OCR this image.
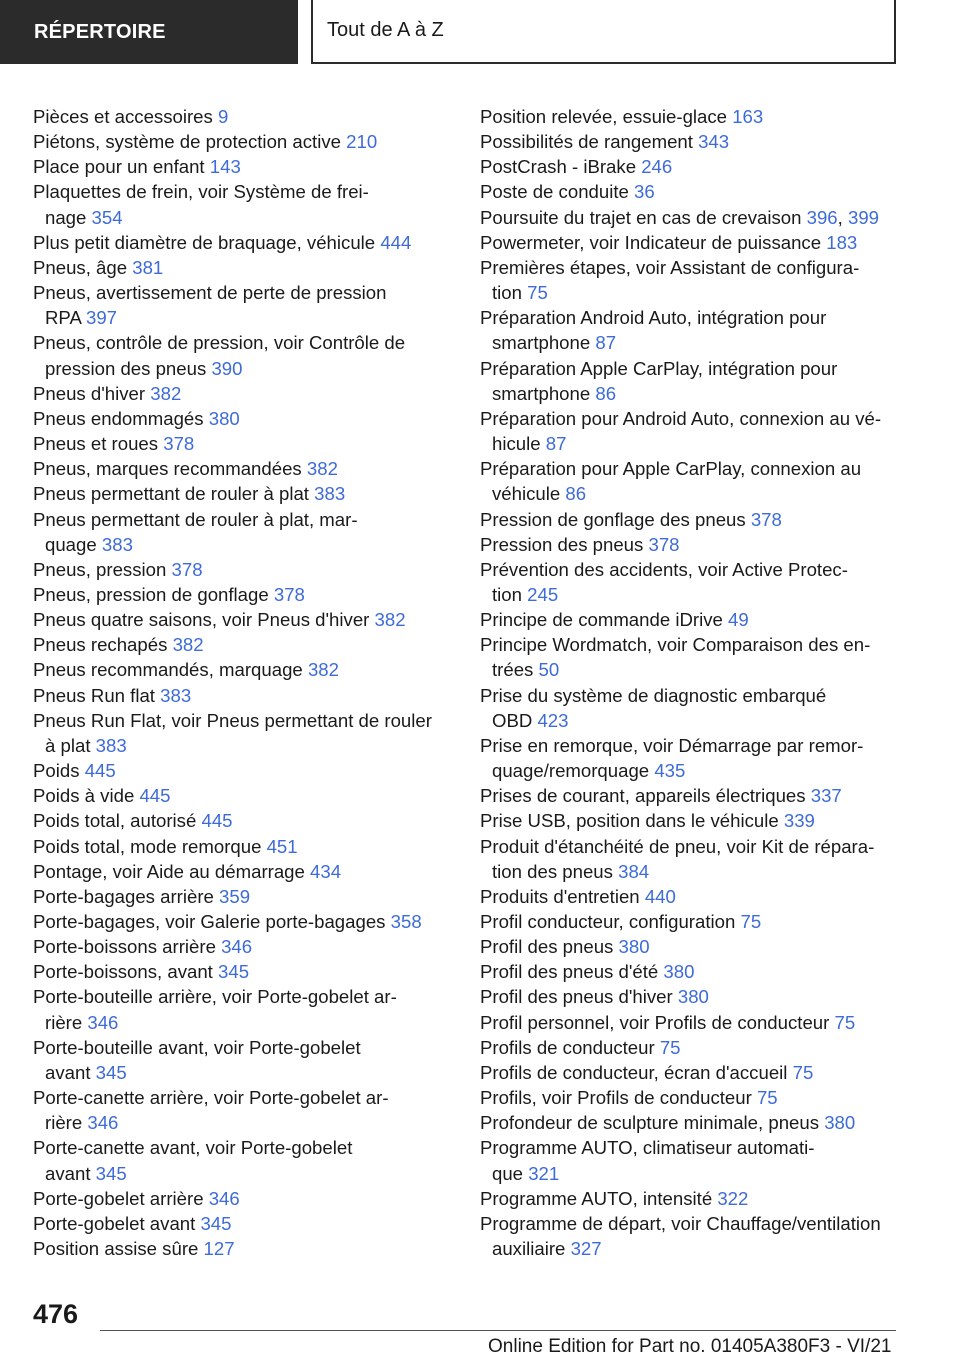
RÉPERTOIRE	Tout de A à Z
Pièces et accessoires 9
Piétons, système de protection active 210
Place pour un enfant 143
Plaquettes de frein, voir Système de frei-
nage 354
Plus petit diamètre de braquage, véhicule 444
Pneus, âge 381
Pneus, avertissement de perte de pression
RPA 397
Pneus, contrôle de pression, voir Contrôle de
pression des pneus 390
Pneus d'hiver 382
Pneus endommagés 380
Pneus et roues 378
Pneus, marques recommandées 382
Pneus permettant de rouler à plat 383
Pneus permettant de rouler à plat, mar-
quage 383
Pneus, pression 378
Pneus, pression de gonflage 378
Pneus quatre saisons, voir Pneus d'hiver 382
Pneus rechapés 382
Pneus recommandés, marquage 382
Pneus Run flat 383
Pneus Run Flat, voir Pneus permettant de rouler
à plat 383
Poids 445
Poids à vide 445
Poids total, autorisé 445
Poids total, mode remorque 451
Pontage, voir Aide au démarrage 434
Porte-bagages arrière 359
Porte-bagages, voir Galerie porte-bagages 358
Porte-boissons arrière 346
Porte-boissons, avant 345
Porte-bouteille arrière, voir Porte-gobelet ar-
rière 346
Porte-bouteille avant, voir Porte-gobelet
avant 345
Porte-canette arrière, voir Porte-gobelet ar-
rière 346
Porte-canette avant, voir Porte-gobelet
avant 345
Porte-gobelet arrière 346
Porte-gobelet avant 345
Position assise sûre 127
Position relevée, essuie-glace 163
Possibilités de rangement 343
PostCrash - iBrake 246
Poste de conduite 36
Poursuite du trajet en cas de crevaison 396, 399
Powermeter, voir Indicateur de puissance 183
Premières étapes, voir Assistant de configura-
tion 75
Préparation Android Auto, intégration pour
smartphone 87
Préparation Apple CarPlay, intégration pour
smartphone 86
Préparation pour Android Auto, connexion au vé-
hicule 87
Préparation pour Apple CarPlay, connexion au
véhicule 86
Pression de gonflage des pneus 378
Pression des pneus 378
Prévention des accidents, voir Active Protec-
tion 245
Principe de commande iDrive 49
Principe Wordmatch, voir Comparaison des en-
trées 50
Prise du système de diagnostic embarqué
OBD 423
Prise en remorque, voir Démarrage par remor-
quage/remorquage 435
Prises de courant, appareils électriques 337
Prise USB, position dans le véhicule 339
Produit d'étanchéité de pneu, voir Kit de répara-
tion des pneus 384
Produits d'entretien 440
Profil conducteur, configuration 75
Profil des pneus 380
Profil des pneus d'été 380
Profil des pneus d'hiver 380
Profil personnel, voir Profils de conducteur 75
Profils de conducteur 75
Profils de conducteur, écran d'accueil 75
Profils, voir Profils de conducteur 75
Profondeur de sculpture minimale, pneus 380
Programme AUTO, climatiseur automati-
que 321
Programme AUTO, intensité 322
Programme de départ, voir Chauffage/ventilation
auxiliaire 327
476
Online Edition for Part no. 01405A380F3 - VI/21
